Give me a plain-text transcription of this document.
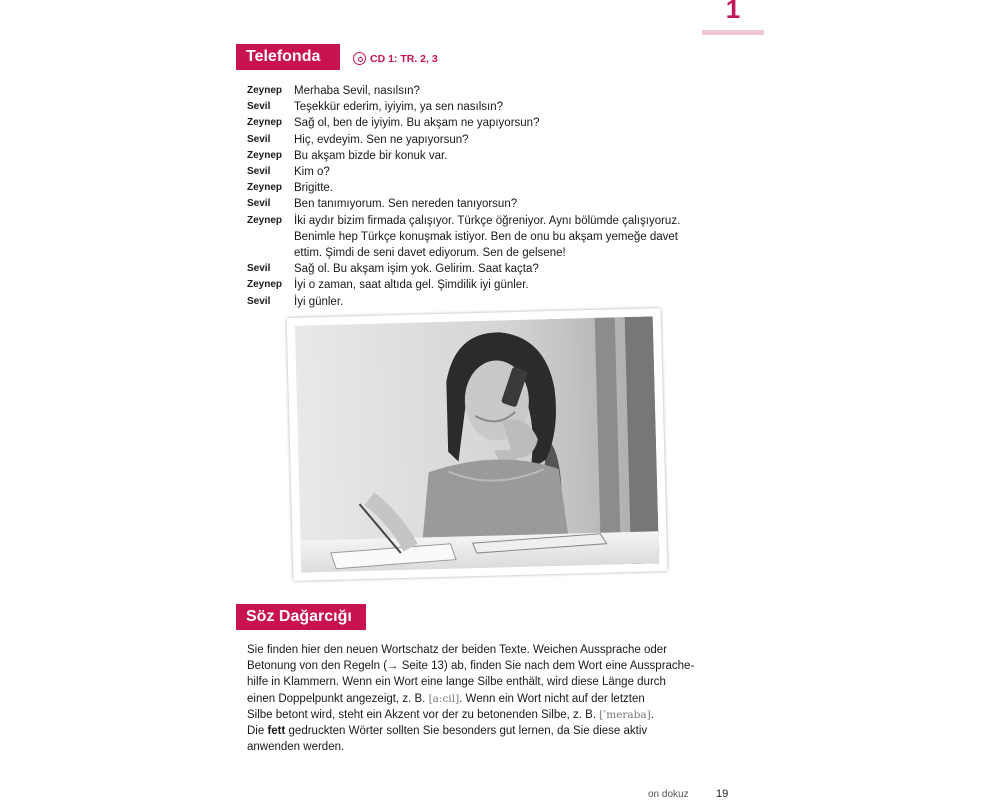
1
Telefonda	CD 1: TR. 2, 3
Zeynep	Merhaba Sevil, nasılsın?
Sevil	Teşekkür ederim, iyiyim, ya sen nasılsın?
Zeynep	Sağ ol, ben de iyiyim. Bu akşam ne yapıyorsun?
Sevil	Hiç, evdeyim. Sen ne yapıyorsun?
Zeynep	Bu akşam bizde bir konuk var.
Sevil	Kim o?
Zeynep	Brigitte.
Sevil	Ben tanımıyorum. Sen nereden tanıyorsun?
Zeynep	İki aydır bizim firmada çalışıyor. Türkçe öğreniyor. Aynı bölümde çalışıyoruz.
Benimle hep Türkçe konuşmak istiyor. Ben de onu bu akşam yemeğe davet
ettim. Şimdi de seni davet ediyorum. Sen de gelsene!
Sevil	Sağ ol. Bu akşam işim yok. Gelirim. Saat kaçta?
Zeynep	İyi o zaman, saat altıda gel. Şimdilik iyi günler.
Sevil	İyi günler.
Söz Dağarcığı
Sie finden hier den neuen Wortschatz der beiden Texte. Weichen Aussprache oder
Betonung von den Regeln (→ Seite 13) ab, finden Sie nach dem Wort eine Aussprache-
hilfe in Klammern. Wenn ein Wort eine lange Silbe enthält, wird diese Länge durch
einen Doppelpunkt angezeigt, z. B. [a:cil]. Wenn ein Wort nicht auf der letzten
Silbe betont wird, steht ein Akzent vor der zu betonenden Silbe, z. B. [ˈmeraba].
Die fett gedruckten Wörter sollten Sie besonders gut lernen, da Sie diese aktiv
anwenden werden.
on dokuz 19
